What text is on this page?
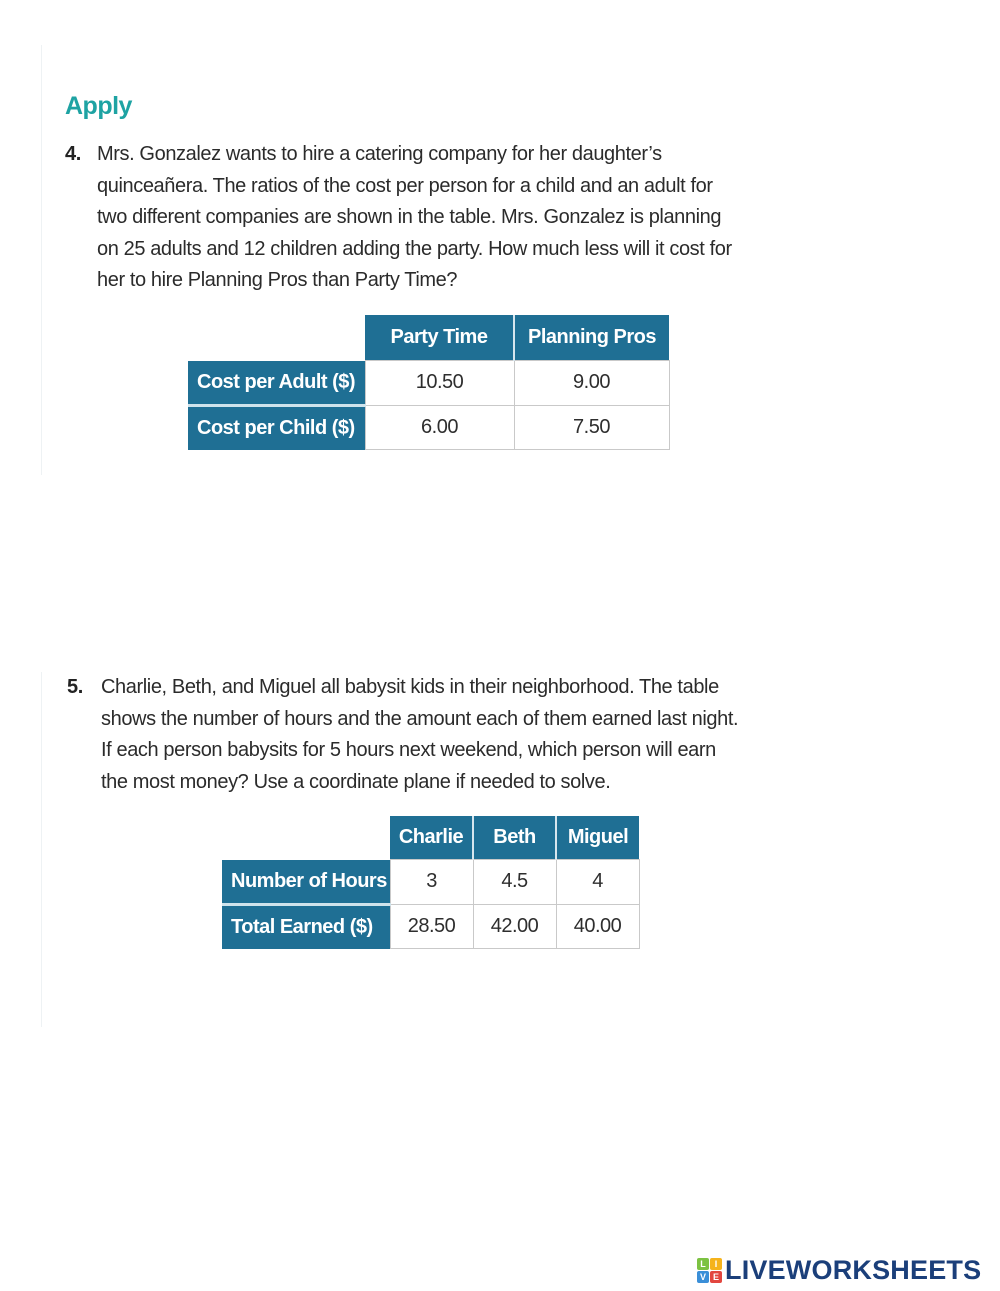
Apply
4. Mrs. Gonzalez wants to hire a catering company for her daughter’s
quinceañera. The ratios of the cost per person for a child and an adult for
two different companies are shown in the table. Mrs. Gonzalez is planning
on 25 adults and 12 children adding the party. How much less will it cost for
her to hire Planning Pros than Party Time?
	Party Time	Planning Pros
Cost per Adult ($)	10.50	9.00
Cost per Child ($)	6.00	7.50
5. Charlie, Beth, and Miguel all babysit kids in their neighborhood. The table
shows the number of hours and the amount each of them earned last night.
If each person babysits for 5 hours next weekend, which person will earn
the most money? Use a coordinate plane if needed to solve.
	Charlie	Beth	Miguel
Number of Hours	3	4.5	4
Total Earned ($)	28.50	42.00	40.00
L I
V E LIVEWORKSHEETS
